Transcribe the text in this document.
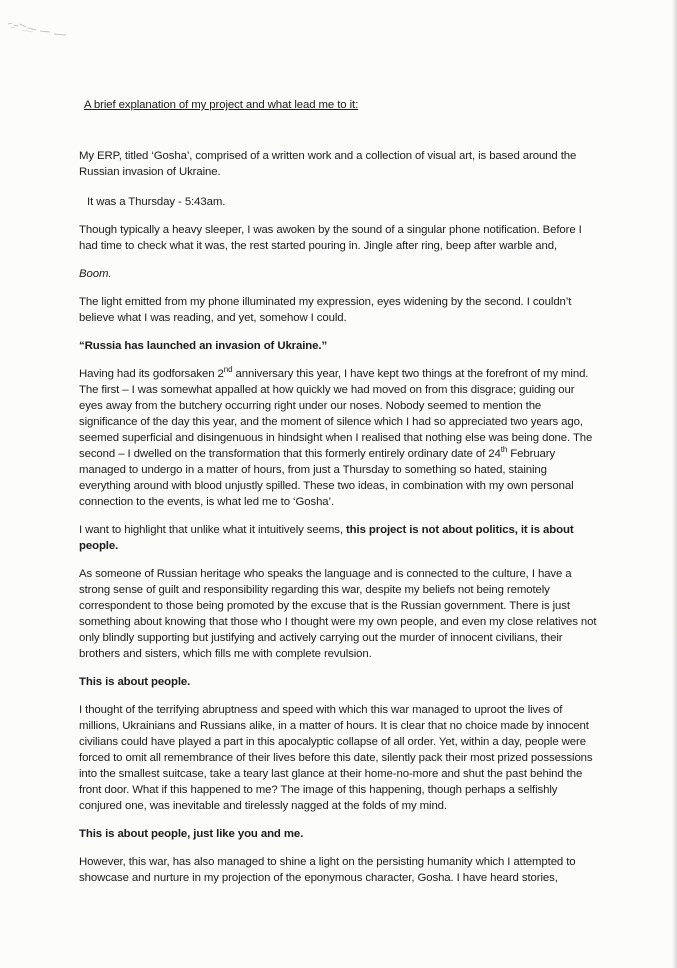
A brief explanation of my project and what lead me to it:

My ERP, titled ‘Gosha’, comprised of a written work and a collection of visual art, is based around the Russian invasion of Ukraine.

It was a Thursday - 5:43am.

Though typically a heavy sleeper, I was awoken by the sound of a singular phone notification. Before I had time to check what it was, the rest started pouring in. Jingle after ring, beep after warble and,

Boom.

The light emitted from my phone illuminated my expression, eyes widening by the second. I couldn’t believe what I was reading, and yet, somehow I could.

“Russia has launched an invasion of Ukraine.”

Having had its godforsaken 2nd anniversary this year, I have kept two things at the forefront of my mind. The first – I was somewhat appalled at how quickly we had moved on from this disgrace; guiding our eyes away from the butchery occurring right under our noses. Nobody seemed to mention the significance of the day this year, and the moment of silence which I had so appreciated two years ago, seemed superficial and disingenuous in hindsight when I realised that nothing else was being done. The second – I dwelled on the transformation that this formerly entirely ordinary date of 24th February managed to undergo in a matter of hours, from just a Thursday to something so hated, staining everything around with blood unjustly spilled. These two ideas, in combination with my own personal connection to the events, is what led me to ‘Gosha’.

I want to highlight that unlike what it intuitively seems, this project is not about politics, it is about people.

As someone of Russian heritage who speaks the language and is connected to the culture, I have a strong sense of guilt and responsibility regarding this war, despite my beliefs not being remotely correspondent to those being promoted by the excuse that is the Russian government. There is just something about knowing that those who I thought were my own people, and even my close relatives not only blindly supporting but justifying and actively carrying out the murder of innocent civilians, their brothers and sisters, which fills me with complete revulsion.

This is about people.

I thought of the terrifying abruptness and speed with which this war managed to uproot the lives of millions, Ukrainians and Russians alike, in a matter of hours. It is clear that no choice made by innocent civilians could have played a part in this apocalyptic collapse of all order. Yet, within a day, people were forced to omit all remembrance of their lives before this date, silently pack their most prized possessions into the smallest suitcase, take a teary last glance at their home-no-more and shut the past behind the front door. What if this happened to me? The image of this happening, though perhaps a selfishly conjured one, was inevitable and tirelessly nagged at the folds of my mind.

This is about people, just like you and me.

However, this war, has also managed to shine a light on the persisting humanity which I attempted to showcase and nurture in my projection of the eponymous character, Gosha. I have heard stories,
